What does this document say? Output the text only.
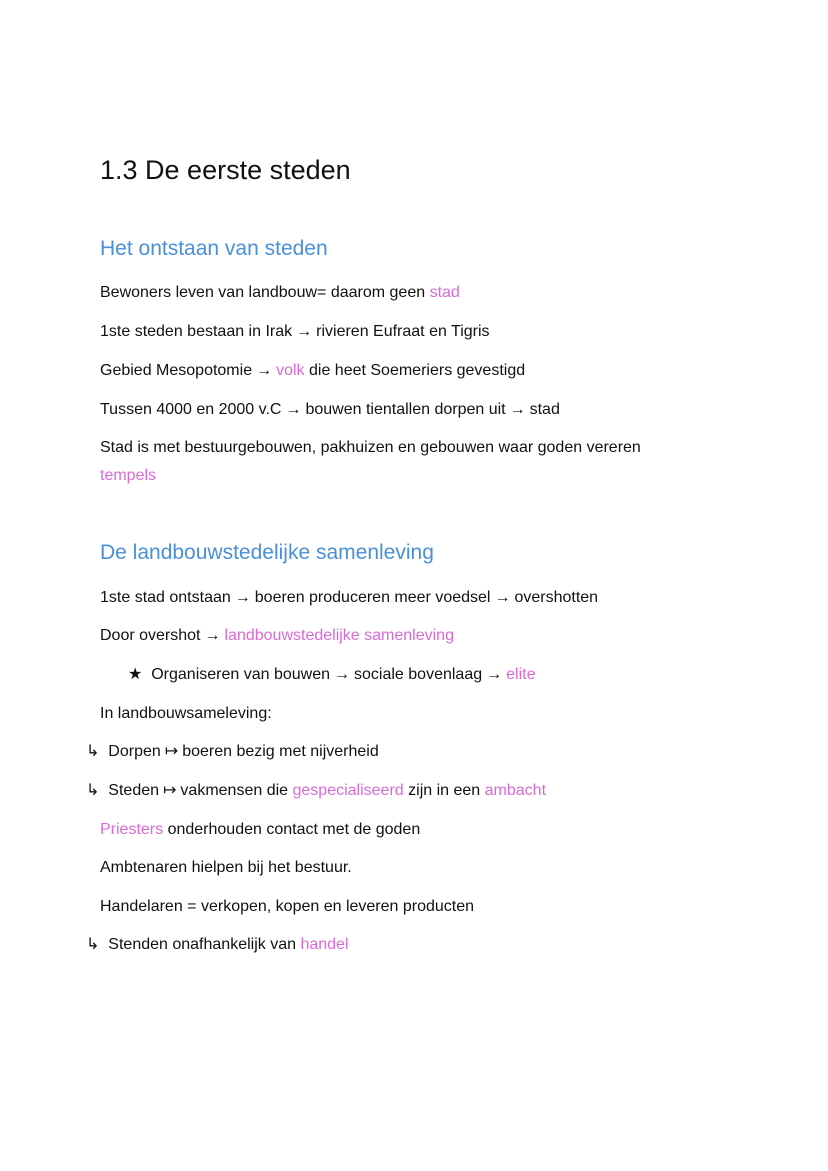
1.3 De eerste steden
Het ontstaan van steden
Bewoners leven van landbouw= daarom geen stad
1ste steden bestaan in Irak → rivieren Eufraat en Tigris
Gebied Mesopotomie → volk die heet Soemeriers gevestigd
Tussen 4000 en 2000 v.C → bouwen tientallen dorpen uit → stad
Stad is met bestuurgebouwen, pakhuizen en gebouwen waar goden vereren tempels
De landbouwstedelijke samenleving
1ste stad ontstaan → boeren produceren meer voedsel → overshotten
Door overshot → landbouwstedelijke samenleving
★ Organiseren van bouwen → sociale bovenlaag → elite
In landbouwsameleving:
↳ Dorpen ↦ boeren bezig met nijverheid
↳ Steden ↦ vakmensen die gespecialiseerd zijn in een ambacht
Priesters onderhouden contact met de goden
Ambtenaren hielpen bij het bestuur.
Handelaren = verkopen, kopen en leveren producten
↳ Stenden onafhankelijk van handel
